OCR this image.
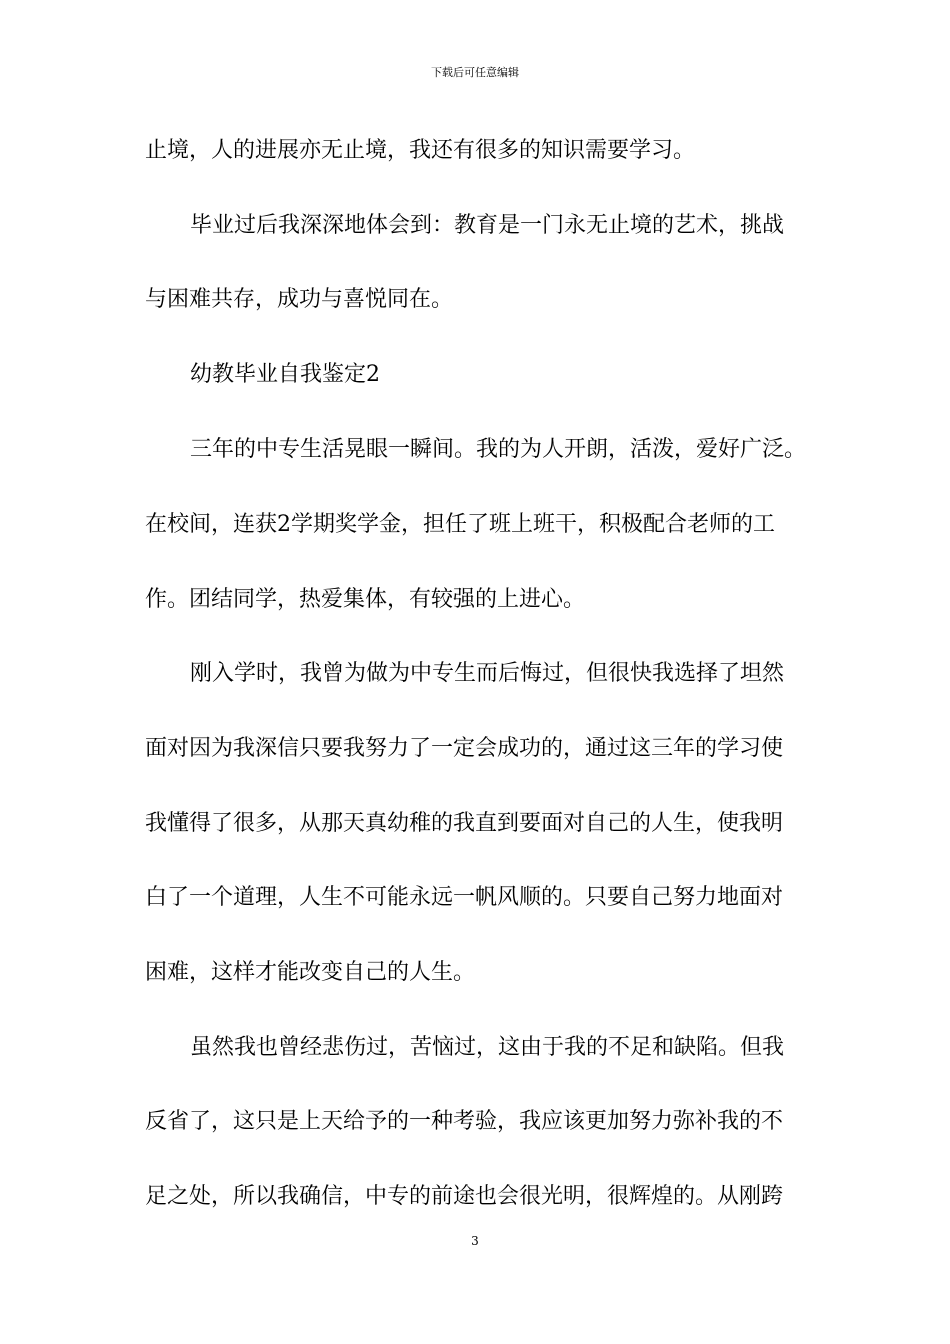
下载后可任意编辑
止境，人的进展亦无止境，我还有很多的知识需要学习。
毕业过后我深深地体会到：教育是一门永无止境的艺术，挑战
与困难共存，成功与喜悦同在。
幼教毕业自我鉴定2
三年的中专生活晃眼一瞬间。我的为人开朗，活泼，爱好广泛。
在校间，连获2学期奖学金，担任了班上班干，积极配合老师的工
作。团结同学，热爱集体，有较强的上进心。
刚入学时，我曾为做为中专生而后悔过，但很快我选择了坦然
面对因为我深信只要我努力了一定会成功的，通过这三年的学习使
我懂得了很多，从那天真幼稚的我直到要面对自己的人生，使我明
白了一个道理，人生不可能永远一帆风顺的。只要自己努力地面对
困难，这样才能改变自己的人生。
虽然我也曾经悲伤过，苦恼过，这由于我的不足和缺陷。但我
反省了，这只是上天给予的一种考验，我应该更加努力弥补我的不
足之处，所以我确信，中专的前途也会很光明，很辉煌的。从刚跨
3
